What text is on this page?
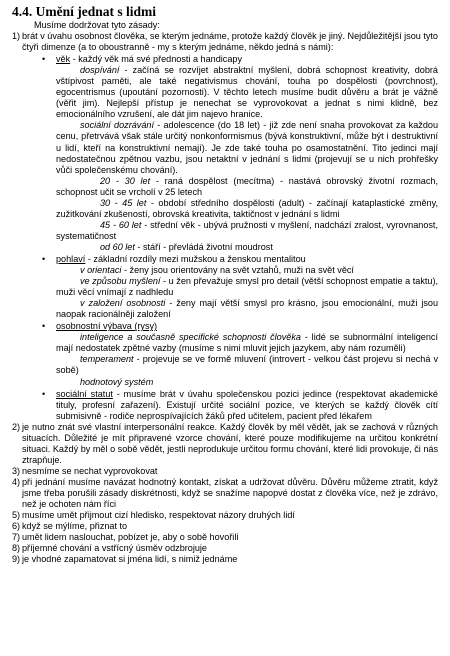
4.4. Umění jednat s lidmi

Musíme dodržovat tyto zásady:

1) brát v úvahu osobnost člověka, se kterým jednáme, protože každý člověk je jiný. Nejdůležitější jsou tyto čtyři dimenze (a to oboustranně - my s kterým jednáme, někdo jedná s námi):

•	věk - každý věk má své přednosti a handicapy

dospívání - začíná se rozvíjet abstraktní myšlení, dobrá schopnost kreativity, dobrá vštípivost paměti, ale také negativismus chování, touha po dospělosti (povrchnost), egocentrismus (upoutání pozornosti). V těchto letech musíme budit důvěru a brát je vážně (věřit jim). Nejlepší přístup je nenechat se vyprovokovat a jednat s nimi klidně, bez emocionálního vzrušení, ale dát jim najevo hranice.

sociální dozrávání - adolescence (do 18 let) - již zde není snaha provokovat za každou cenu, přetrvává však stále určitý nonkonformismus (bývá konstruktivní, může být i destruktivní u lidí, kteří na konstruktivní nemají). Je zde také touha po osamostatnění. Tito jedinci mají nedostatečnou zpětnou vazbu, jsou netaktní v jednání s lidmi (projevují se u nich prohřešky vůči společenskému chování).

20 - 30 let - raná dospělost (mecítma) - nastává obrovský životní rozmach, schopnost učit se vrcholí v 25 letech

30 - 45 let - období středního dospělosti (adult) - začínají kataplastické změny, zužitkování zkušeností, obrovská kreativita, taktičnost v jednání s lidmi

45 - 60 let - střední věk - ubývá pružnosti v myšlení, nadchází zralost, vyrovnanost, systematičnost

od 60 let - stáří - převládá životní moudrost

•	pohlaví - základní rozdíly mezi mužskou a ženskou mentalitou

v orientaci - ženy jsou orientovány na svět vztahů, muži na svět věcí

ve způsobu myšlení - u žen převažuje smysl pro detail (větší schopnost empatie a taktu), muži věcí vnímají z nadhledu

v založení osobnosti - ženy mají větší smysl pro krásno, jsou emocionální, muži jsou naopak racionálněji založení

•	osobnostní výbava (rysy)

inteligence a současně specifické schopnosti člověka - lidé se subnormální inteligencí mají nedostatek zpětné vazby (musíme s nimi mluvit jejich jazykem, aby nám rozuměli)

temperament - projevuje se ve formě mluvení (introvert - velkou část projevu si nechá v sobě)

hodnotový systém

•	sociální statut - musíme brát v úvahu společenskou pozici jedince (respektovat akademické tituly, profesní zařazení). Existují určité sociální pozice, ve kterých se každý člověk cítí submisivně - rodiče neprospívajících žáků před učitelem, pacient před lékařem

2) je nutno znát své vlastní interpersonální reakce. Každý člověk by měl vědět, jak se zachová v různých situacích. Důležité je mít připravené vzorce chování, které pouze modifikujeme na určitou konkrétní situaci. Každý by měl o sobě vědět, jestli neprodukuje určitou formu chování, které lidi provokuje, či nás ztrapňuje.

3) nesmíme se nechat vyprovokovat

4) při jednání musíme navázat hodnotný kontakt, získat a udržovat důvěru. Důvěru můžeme ztratit, když jsme třeba porušili zásady diskrétnosti, když se snažíme napopvé dostat z člověka více, než je zdrávo, než je ochoten nám říci

5) musíme umět přijmout cizí hledisko, respektovat názory druhých lidí

6) když se mýlíme, přiznat to

7) umět lidem naslouchat, pobízet je, aby o sobě hovořili

8) příjemné chování a vstřícný úsměv odzbrojuje

9) je vhodné zapamatovat si jména lidí, s nimiž jednáme
